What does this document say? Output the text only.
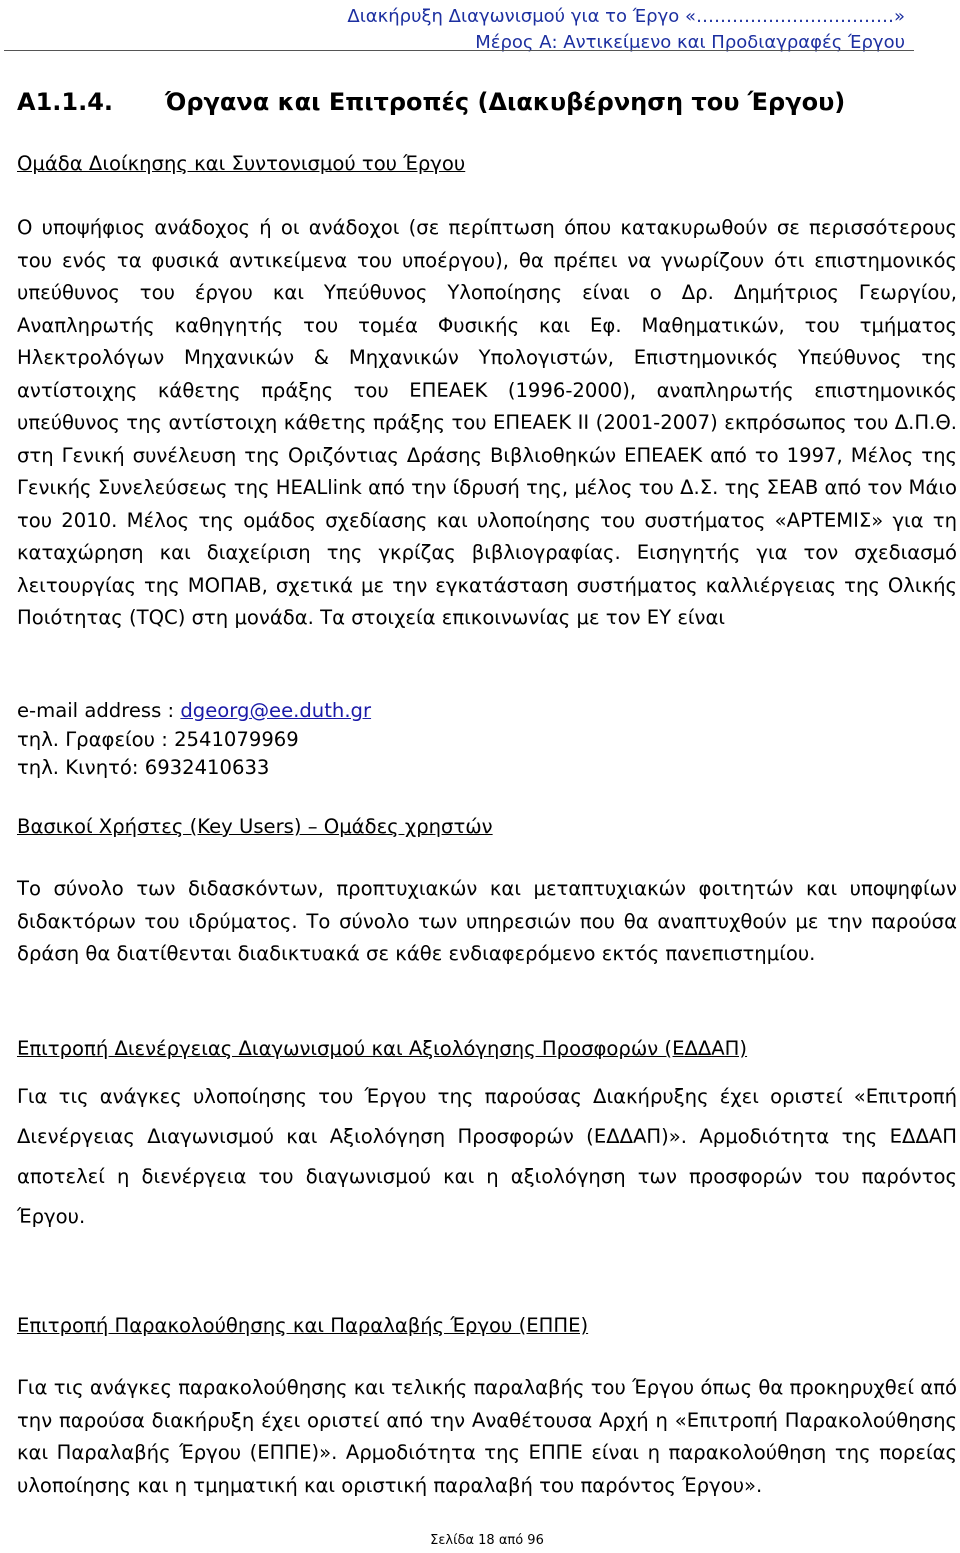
Διακήρυξη Διαγωνισμού για το Έργο «……………………………»
Μέρος Α: Αντικείμενο και Προδιαγραφές Έργου
Α1.1.4. Όργανα και Επιτροπές (Διακυβέρνηση του Έργου)

Ομάδα Διοίκησης και Συντονισμού του Έργου

Ο υποψήφιος ανάδοχος ή οι ανάδοχοι (σε περίπτωση όπου κατακυρωθούν σε περισσότερους του ενός τα φυσικά αντικείμενα του υποέργου), θα πρέπει να γνωρίζουν ότι επιστημονικός υπεύθυνος του έργου και Υπεύθυνος Υλοποίησης είναι ο Δρ. Δημήτριος Γεωργίου, Αναπληρωτής καθηγητής του τομέα Φυσικής και Εφ. Μαθηματικών, του τμήματος Ηλεκτρολόγων Μηχανικών & Μηχανικών Υπολογιστών, Επιστημονικός Υπεύθυνος της αντίστοιχης κάθετης πράξης του ΕΠΕΑΕΚ (1996-2000), αναπληρωτής επιστημονικός υπεύθυνος της αντίστοιχη κάθετης πράξης του ΕΠΕΑΕΚ ΙΙ (2001-2007) εκπρόσωπος του Δ.Π.Θ. στη Γενική συνέλευση της Οριζόντιας Δράσης Βιβλιοθηκών ΕΠΕΑΕΚ από το 1997, Μέλος της Γενικής Συνελεύσεως της HEALlink από την ίδρυσή της, μέλος του Δ.Σ. της ΣΕΑΒ από τον Μάιο του 2010. Μέλος της ομάδος σχεδίασης και υλοποίησης του συστήματος «ΑΡΤΕΜΙΣ» για τη καταχώρηση και διαχείριση της γκρίζας βιβλιογραφίας. Εισηγητής για τον σχεδιασμό λειτουργίας της ΜΟΠΑΒ, σχετικά με την εγκατάσταση συστήματος καλλιέργειας της Ολικής Ποιότητας (TQC) στη μονάδα. Τα στοιχεία επικοινωνίας με τον ΕΥ είναι

e-mail address : dgeorg@ee.duth.gr

τηλ. Γραφείου : 2541079969

τηλ. Κινητό: 6932410633

Βασικοί Χρήστες (Key Users) – Ομάδες χρηστών

Το σύνολο των διδασκόντων, προπτυχιακών και μεταπτυχιακών φοιτητών και υποψηφίων διδακτόρων του ιδρύματος. Το σύνολο των υπηρεσιών που θα αναπτυχθούν με την παρούσα δράση θα διατίθενται διαδικτυακά σε κάθε ενδιαφερόμενο εκτός πανεπιστημίου.

Επιτροπή Διενέργειας Διαγωνισμού και Αξιολόγησης Προσφορών (ΕΔΔΑΠ)

Για τις ανάγκες υλοποίησης του Έργου της παρούσας Διακήρυξης έχει οριστεί «Επιτροπή Διενέργειας Διαγωνισμού και Αξιολόγηση Προσφορών (ΕΔΔΑΠ)». Αρμοδιότητα της ΕΔΔΑΠ αποτελεί η διενέργεια του διαγωνισμού και η αξιολόγηση των προσφορών του παρόντος Έργου.

Επιτροπή Παρακολούθησης και Παραλαβής Έργου (ΕΠΠΕ)

Για τις ανάγκες παρακολούθησης και τελικής παραλαβής του Έργου όπως θα προκηρυχθεί από την παρούσα διακήρυξη έχει οριστεί από την Αναθέτουσα Αρχή η «Επιτροπή Παρακολούθησης και Παραλαβής Έργου (ΕΠΠΕ)». Αρμοδιότητα της ΕΠΠΕ είναι η παρακολούθηση της πορείας υλοποίησης και η τμηματική και οριστική παραλαβή του παρόντος Έργου».

Σελίδα 18 από 96
